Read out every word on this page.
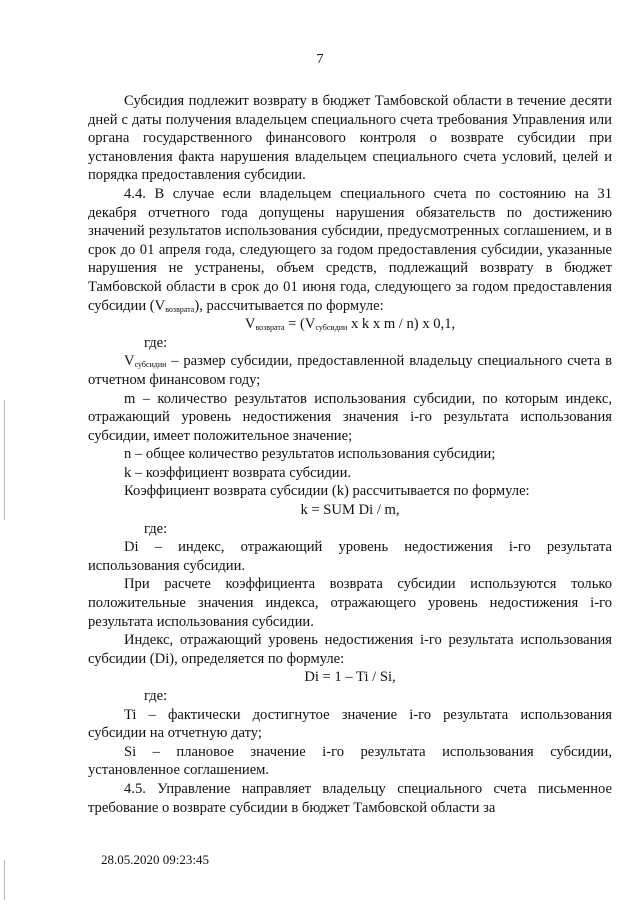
7

Субсидия подлежит возврату в бюджет Тамбовской области в течение десяти дней с даты получения владельцем специального счета требования Управления или органа государственного финансового контроля о возврате субсидии при установления факта нарушения владельцем специального счета условий, целей и порядка предоставления субсидии.

4.4. В случае если владельцем специального счета по состоянию на 31 декабря отчетного года допущены нарушения обязательств по достижению значений результатов использования субсидии, предусмотренных соглашением, и в срок до 01 апреля года, следующего за годом предоставления субсидии, указанные нарушения не устранены, объем средств, подлежащий возврату в бюджет Тамбовской области в срок до 01 июня года, следующего за годом предоставления субсидии $(V_{возврата})$, рассчитывается по формуле:

$V_{возврата} = (V_{субсидии}$ x k x m / n) x 0,1,

где:

$V_{субсидии}$ – размер субсидии, предоставленной владельцу специального счета в отчетном финансовом году;

m – количество результатов использования субсидии, по которым индекс, отражающий уровень недостижения значения i-го результата использования субсидии, имеет положительное значение;

n – общее количество результатов использования субсидии;

k – коэффициент возврата субсидии.

Коэффициент возврата субсидии (k) рассчитывается по формуле:

k = SUM Di / m,

где:

Di – индекс, отражающий уровень недостижения i-го результата использования субсидии.

При расчете коэффициента возврата субсидии используются только положительные значения индекса, отражающего уровень недостижения i-го результата использования субсидии.

Индекс, отражающий уровень недостижения i-го результата использования субсидии (Di), определяется по формуле:

Di = 1 – Ti / Si,

где:

Ti – фактически достигнутое значение i-го результата использования субсидии на отчетную дату;

Si – плановое значение i-го результата использования субсидии, установленное соглашением.

4.5. Управление направляет владельцу специального счета письменное требование о возврате субсидии в бюджет Тамбовской области за

28.05.2020 09:23:45
